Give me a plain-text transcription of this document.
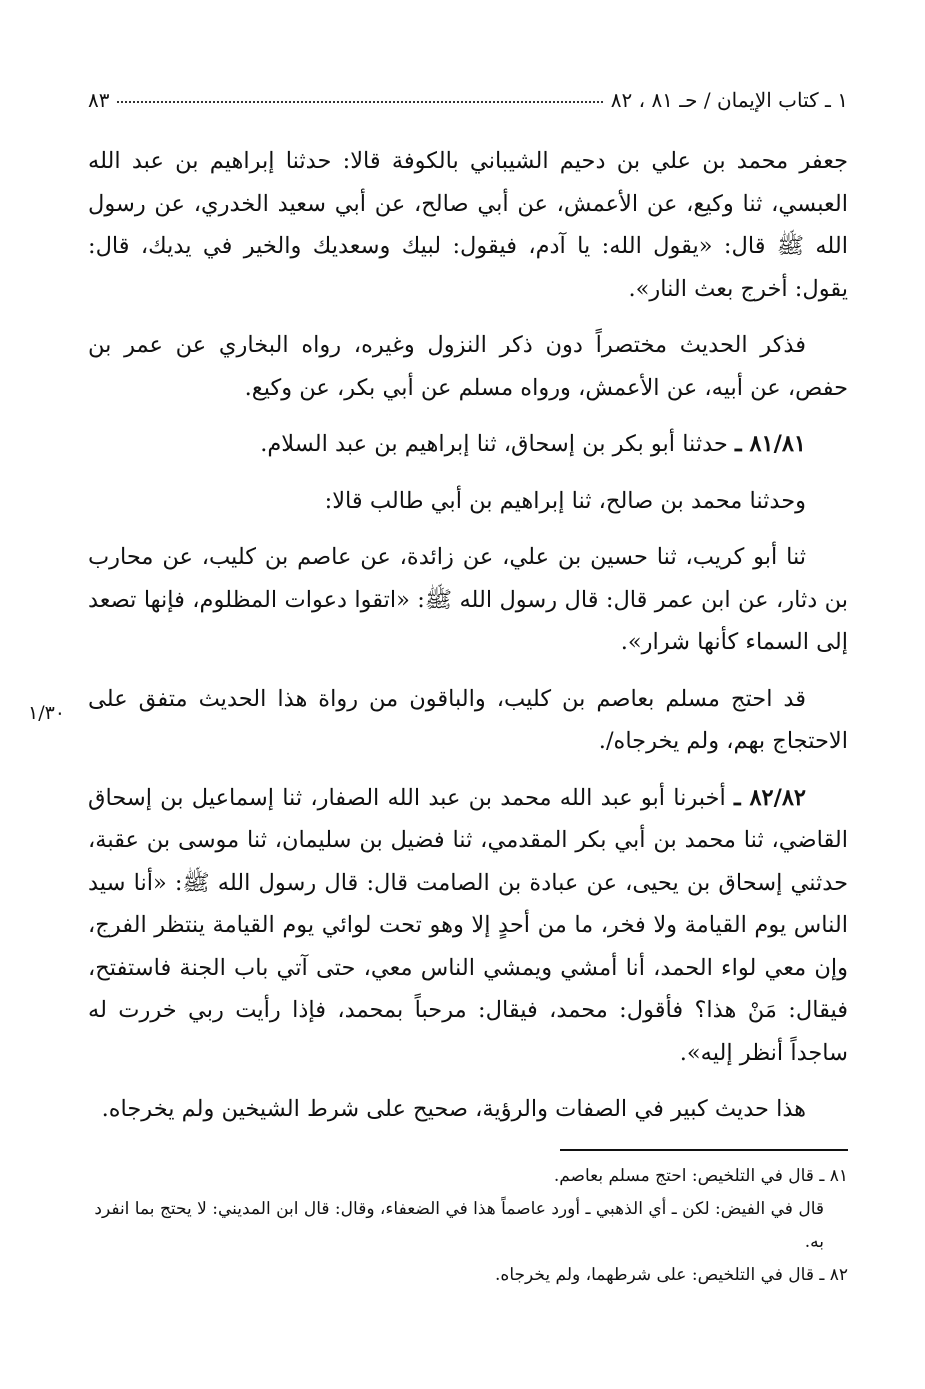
١ ـ كتاب الإيمان / حـ ٨١ ، ٨٢
٨٣

جعفر محمد بن علي بن دحيم الشيباني بالكوفة قالا: حدثنا إبراهيم بن عبد الله العبسي، ثنا وكيع، عن الأعمش، عن أبي صالح، عن أبي سعيد الخدري، عن رسول الله ﷺ قال: «يقول الله: يا آدم، فيقول: لبيك وسعديك والخير في يديك، قال: يقول: أخرج بعث النار».

فذكر الحديث مختصراً دون ذكر النزول وغيره، رواه البخاري عن عمر بن حفص، عن أبيه، عن الأعمش، ورواه مسلم عن أبي بكر، عن وكيع.

٨١/٨١ ـ حدثنا أبو بكر بن إسحاق، ثنا إبراهيم بن عبد السلام.

وحدثنا محمد بن صالح، ثنا إبراهيم بن أبي طالب قالا:

ثنا أبو كريب، ثنا حسين بن علي، عن زائدة، عن عاصم بن كليب، عن محارب بن دثار، عن ابن عمر قال: قال رسول الله ﷺ: «اتقوا دعوات المظلوم، فإنها تصعد إلى السماء كأنها شرار».

قد احتج مسلم بعاصم بن كليب، والباقون من رواة هذا الحديث متفق على الاحتجاج بهم، ولم يخرجاه/.

٨٢/٨٢ ـ أخبرنا أبو عبد الله محمد بن عبد الله الصفار، ثنا إسماعيل بن إسحاق القاضي، ثنا محمد بن أبي بكر المقدمي، ثنا فضيل بن سليمان، ثنا موسى بن عقبة، حدثني إسحاق بن يحيى، عن عبادة بن الصامت قال: قال رسول الله ﷺ: «أنا سيد الناس يوم القيامة ولا فخر، ما من أحدٍ إلا وهو تحت لوائي يوم القيامة ينتظر الفرج، وإن معي لواء الحمد، أنا أمشي ويمشي الناس معي، حتى آتي باب الجنة فاستفتح، فيقال: مَنْ هذا؟ فأقول: محمد، فيقال: مرحباً بمحمد، فإذا رأيت ربي خررت له ساجداً أنظر إليه».

هذا حديث كبير في الصفات والرؤية، صحيح على شرط الشيخين ولم يخرجاه.

١/٣٠

٨١ ـ قال في التلخيص: احتج مسلم بعاصم.

قال في الفيض: لكن ـ أي الذهبي ـ أورد عاصماً هذا في الضعفاء، وقال: قال ابن المديني: لا يحتج بما انفرد به.

٨٢ ـ قال في التلخيص: على شرطهما، ولم يخرجاه.
